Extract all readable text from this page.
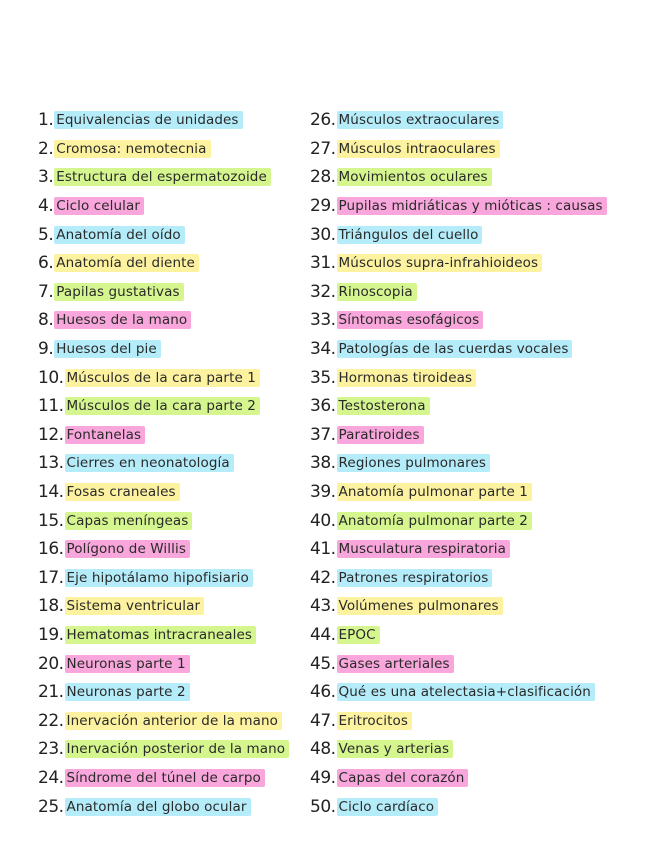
1. Equivalencias de unidades
2. Cromosa: nemotecnia
3. Estructura del espermatozoide
4. Ciclo celular
5. Anatomía del oído
6. Anatomía del diente
7. Papilas gustativas
8. Huesos de la mano
9. Huesos del pie
10. Músculos de la cara parte 1
11. Músculos de la cara parte 2
12. Fontanelas
13. Cierres en neonatología
14. Fosas craneales
15. Capas meníngeas
16. Polígono de Willis
17. Eje hipotálamo hipofisiario
18. Sistema ventricular
19. Hematomas intracraneales
20. Neuronas parte 1
21. Neuronas parte 2
22. Inervación anterior de la mano
23. Inervación posterior de la mano
24. Síndrome del túnel de carpo
25. Anatomía del globo ocular
26. Músculos extraoculares
27. Músculos intraoculares
28. Movimientos oculares
29. Pupilas midriáticas y mióticas : causas
30. Triángulos del cuello
31. Músculos supra-infrahioideos
32. Rinoscopia
33. Síntomas esofágicos
34. Patologías de las cuerdas vocales
35. Hormonas tiroideas
36. Testosterona
37. Paratiroides
38. Regiones pulmonares
39. Anatomía pulmonar parte 1
40. Anatomía pulmonar parte 2
41. Musculatura respiratoria
42. Patrones respiratorios
43. Volúmenes pulmonares
44. EPOC
45. Gases arteriales
46. Qué es una atelectasia+clasificación
47. Eritrocitos
48. Venas y arterias
49. Capas del corazón
50. Ciclo cardíaco
